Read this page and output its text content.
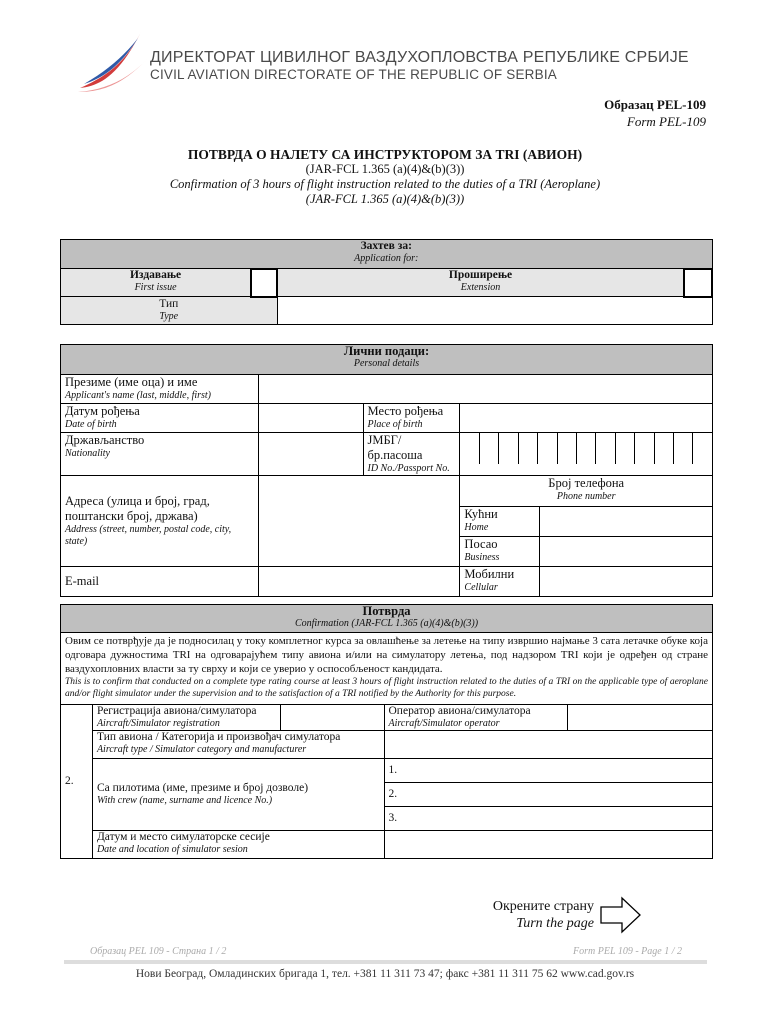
ДИРЕКТОРАТ ЦИВИЛНОГ ВАЗДУХОПЛОВСТВА РЕПУБЛИКЕ СРБИЈЕ
CIVIL AVIATION DIRECTORATE OF THE REPUBLIC OF SERBIA
Образац PEL-109
Form PEL-109
ПОТВРДА О НАЛЕТУ СА ИНСТРУКТОРОМ ЗА TRI (АВИОН)
(JAR-FCL 1.365 (a)(4)&(b)(3))
Confirmation of 3 hours of flight instruction related to the duties of a TRI (Aeroplane)
(JAR-FCL 1.365 (a)(4)&(b)(3))
Захтев за:
Application for:			

Издавање
First issue		Проширење
Extension	

Тип
Type			

Лични подаци:
Personal details				

Презиме (име оца) и име
Applicant's name (last, middle, first)				

Датум рођења
Date of birth		Место рођења
Place of birth		

Држављанство
Nationality		ЈМБГ/бр.пасоша
ID No./Passport No.		

Адреса (улица и број, град, поштански број, држава)
Address (street, number, postal code, city, state)			Број телефона
Phone number	

			Кућни
Home	

			Посао
Business	

E-mail			Мобилни
Cellular	

Потврда
Confirmation (JAR-FCL 1.365 (a)(4)&(b)(3))				

Овим се потврђује да је подносилац у току комплетног курса за овлашћење за летење на типу извршио најмање 3 сата летачке обуке која одговара дужностима TRI на одговарајућем типу авиона и/или на симулатору летења, под надзором TRI који је одређен од стране ваздухопловних власти за ту сврху и који се уверио у оспособљеност кандидата.
This is to confirm that conducted on a complete type rating course at least 3 hours of flight instruction related to the duties of a TRI on the applicable type of aeroplane and/or flight simulator under the supervision and to the satisfaction of a TRI notified by the Authority for this purpose.				

2.	Регистрација авиона/симулатора
Aircraft/Simulator registration		Оператор авиона/симулатора
Aircraft/Simulator operator	

	Тип авиона / Категорија и произвођач симулатора
Aircraft type / Simulator category and manufacturer			

	Са пилотима (име, презиме и број дозволе)
With crew (name, surname and licence No.)		1.	
			2.	
			3.	
	Датум и место симулаторске сесије
Date and location of simulator sesion			

Окрените страну
Turn the page
Образац PEL 109 - Страна 1 / 2	Form PEL 109 - Page 1 / 2
Нови Београд, Омладинских бригада 1, тел. +381 11 311 73 47; факс +381 11 311 75 62 www.cad.gov.rs
